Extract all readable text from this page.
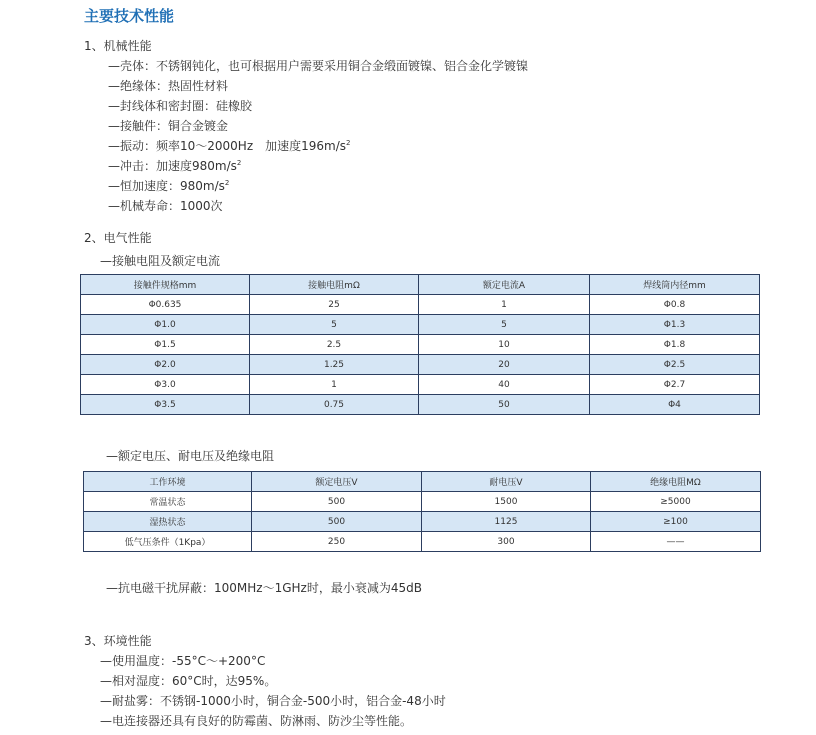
主要技术性能
1、机械性能
—壳体：不锈钢钝化，也可根据用户需要采用铜合金缎面镀镍、铝合金化学镀镍
—绝缘体：热固性材料
—封线体和密封圈：硅橡胶
—接触件：铜合金镀金
—振动：频率10～2000Hz　加速度$196m/s^2$
—冲击：加速度$980m/s^2$
—恒加速度：$980m/s^2$
—机械寿命：1000次
2、电气性能
—接触电阻及额定电流
接触件规格mm	接触电阻mΩ	额定电流A	焊线筒内径mm
Φ0.635	25	1	Φ0.8
Φ1.0	5	5	Φ1.3
Φ1.5	2.5	10	Φ1.8
Φ2.0	1.25	20	Φ2.5
Φ3.0	1	40	Φ2.7
Φ3.5	0.75	50	Φ4
—额定电压、耐电压及绝缘电阻
工作环境	额定电压V	耐电压V	绝缘电阻MΩ
常温状态	500	1500	≥5000
湿热状态	500	1125	≥100
低气压条件（1Kpa）	250	300	——
—抗电磁干扰屏蔽：100MHz～1GHz时，最小衰减为45dB
3、环境性能
—使用温度：-55°C～+200°C
—相对湿度：60°C时，达95%。
—耐盐雾：不锈钢-1000小时，铜合金-500小时，铝合金-48小时
—电连接器还具有良好的防霉菌、防淋雨、防沙尘等性能。
